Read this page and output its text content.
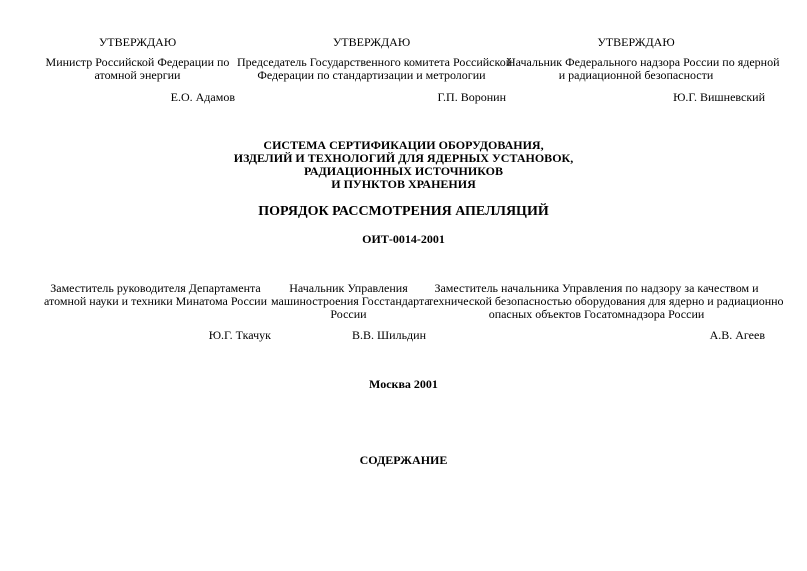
УТВЕРЖДАЮ
Министр Российской Федерации по
атомной энергии
Е.О. Адамов
УТВЕРЖДАЮ
Председатель Государственного комитета Российской
Федерации по стандартизации и метрологии
Г.П. Воронин
УТВЕРЖДАЮ
Начальник Федерального надзора России по ядерной
и радиационной безопасности
Ю.Г. Вишневский
СИСТЕМА СЕРТИФИКАЦИИ ОБОРУДОВАНИЯ,
ИЗДЕЛИЙ И ТЕХНОЛОГИЙ ДЛЯ ЯДЕРНЫХ УСТАНОВОК,
РАДИАЦИОННЫХ ИСТОЧНИКОВ
И ПУНКТОВ ХРАНЕНИЯ
ПОРЯДОК РАССМОТРЕНИЯ АПЕЛЛЯЦИЙ
ОИТ-0014-2001
Заместитель руководителя Департамента
атомной науки и техники Минатома России
Ю.Г. Ткачук
Начальник Управления
машиностроения Госстандарта
России
В.В. Шильдин
Заместитель начальника Управления по надзору за качеством и
технической безопасностью оборудования для ядерно и радиационно
опасных объектов Госатомнадзора России
А.В. Агеев
Москва 2001
СОДЕРЖАНИЕ
